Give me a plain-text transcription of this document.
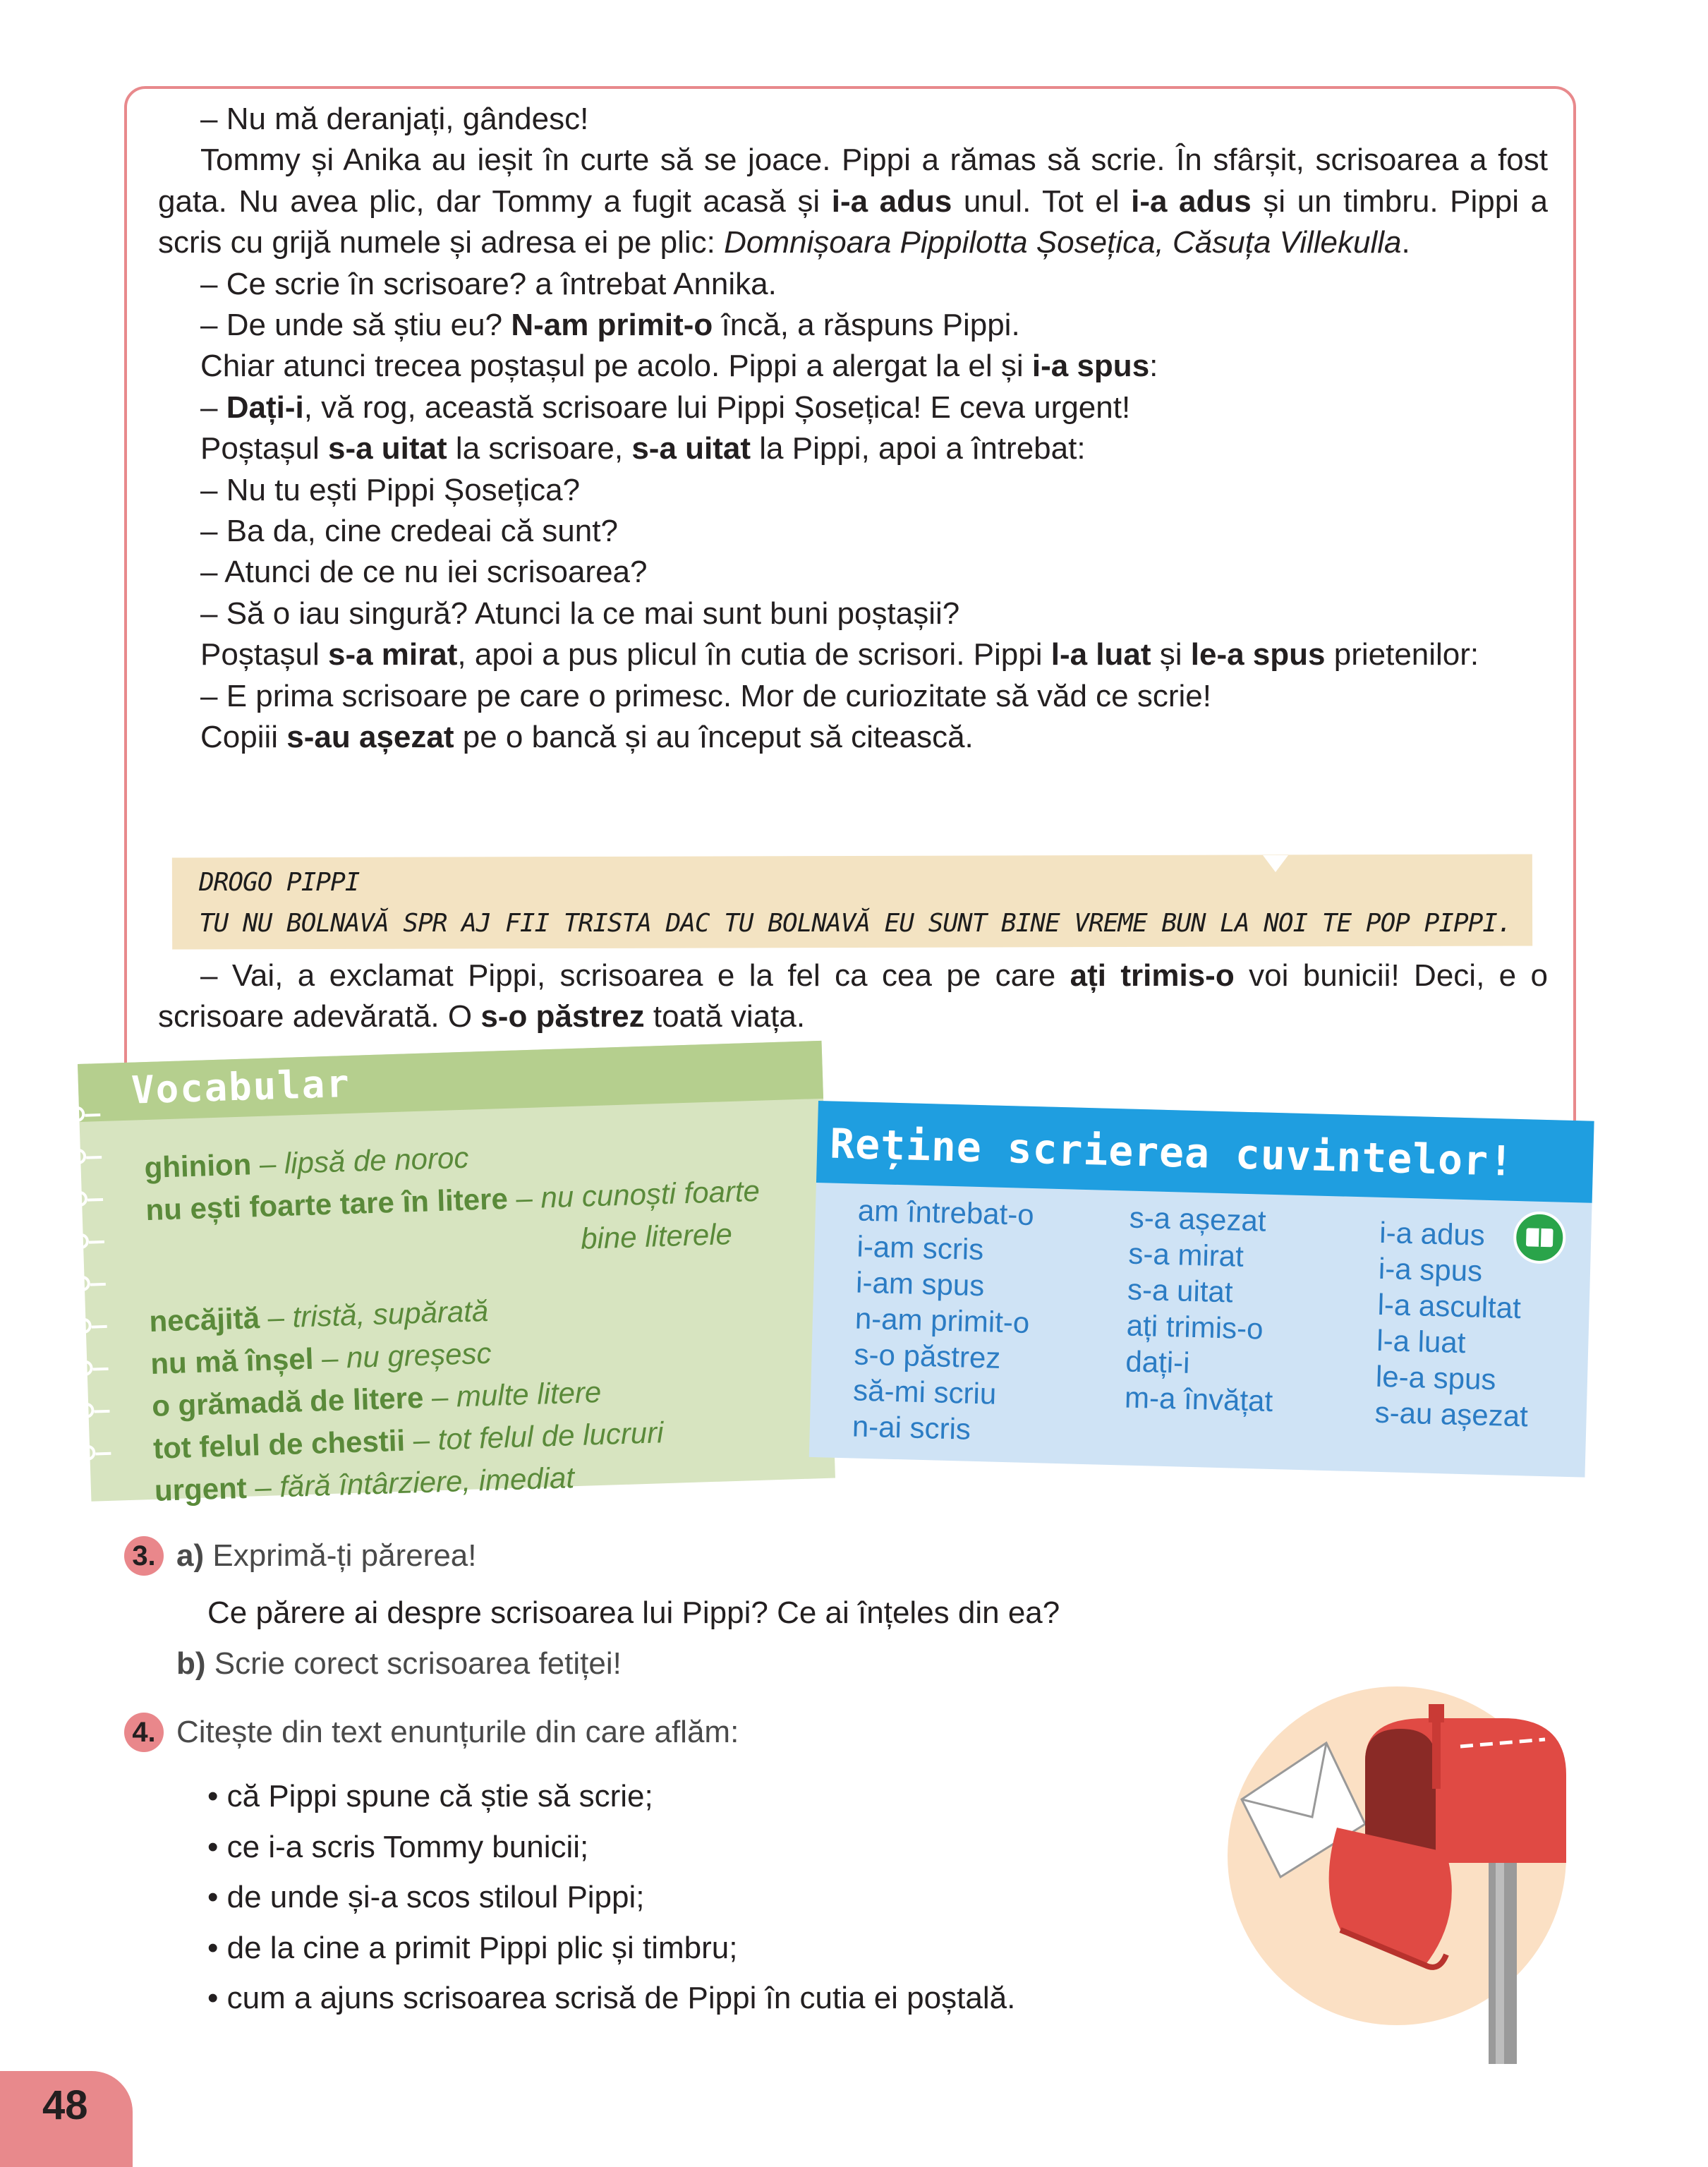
– Nu mă deranjați, gândesc!

Tommy și Anika au ieșit în curte să se joace. Pippi a rămas să scrie. În sfârșit, scrisoarea a fost gata. Nu avea plic, dar Tommy a fugit acasă și i-a adus unul. Tot el i-a adus și un timbru. Pippi a scris cu grijă numele și adresa ei pe plic: Domnișoara Pippilotta Șosețica, Căsuța Villekulla.

– Ce scrie în scrisoare? a întrebat Annika.

– De unde să știu eu? N-am primit-o încă, a răspuns Pippi.

Chiar atunci trecea poștașul pe acolo. Pippi a alergat la el și i-a spus:

– Dați-i, vă rog, această scrisoare lui Pippi Șosețica! E ceva urgent!

Poștașul s-a uitat la scrisoare, s-a uitat la Pippi, apoi a întrebat:

– Nu tu ești Pippi Șosețica?

– Ba da, cine credeai că sunt?

– Atunci de ce nu iei scrisoarea?

– Să o iau singură? Atunci la ce mai sunt buni poștașii?

Poștașul s-a mirat, apoi a pus plicul în cutia de scrisori. Pippi l-a luat și le-a spus prietenilor:

– E prima scrisoare pe care o primesc. Mor de curiozitate să văd ce scrie!

Copiii s-au așezat pe o bancă și au început să citească.

DROGO PIPPI
TU NU BOLNAVĂ SPR AJ FII TRISTA DAC TU BOLNAVĂ EU SUNT BINE VREME BUN LA NOI TE POP PIPPI.

– Vai, a exclamat Pippi, scrisoarea e la fel ca cea pe care ați trimis-o voi bunicii! Deci, e o scrisoare adevărată. O s-o păstrez toată viața.

Vocabular
ghinion – lipsă de noroc
nu ești foarte tare în litere – nu cunoști foarte
bine literele
necăjită – tristă, supărată
nu mă înșel – nu greșesc
o grămadă de litere – multe litere
tot felul de chestii – tot felul de lucruri
urgent – fără întârziere, imediat
Reține scrierea cuvintelor!
am întrebat-o
i-am scris
i-am spus
n-am primit-o
s-o păstrez
să-mi scriu
n-ai scris
s-a așezat
s-a mirat
s-a uitat
ați trimis-o
dați-i
m-a învățat
i-a adus
i-a spus
l-a ascultat
l-a luat
le-a spus
s-au așezat
3. a) Exprimă-ți părerea!
Ce părere ai despre scrisoarea lui Pippi? Ce ai înțeles din ea?
b) Scrie corect scrisoarea fetiței!
4. Citește din text enunțurile din care aflăm:
• că Pippi spune că știe să scrie;
• ce i-a scris Tommy bunicii;
• de unde și-a scos stiloul Pippi;
• de la cine a primit Pippi plic și timbru;
• cum a ajuns scrisoarea scrisă de Pippi în cutia ei poștală.
48
